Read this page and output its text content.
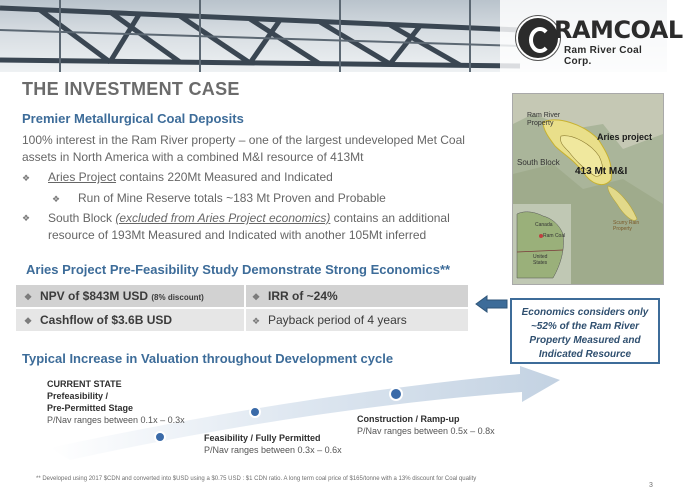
RAMCOAL
Ram River Coal Corp.
THE INVESTMENT CASE
Premier Metallurgical Coal Deposits
100% interest in the Ram River property – one of the largest undeveloped Met Coal assets in North America with a combined M&I resource of 413Mt
❖ Aries Project contains 220Mt Measured and Indicated
❖ Run of Mine Reserve totals ~183 Mt Proven and Probable
❖	South Block (excluded from Aries Project economics) contains an additional resource of 193Mt Measured and Indicated with another 105Mt inferred
Aries Project Pre-Feasibility Study Demonstrate Strong Economics**
❖ NPV of $843M USD (8% discount)	❖ IRR of ~24%
❖ Cashflow of $3.6B USD	❖ Payback period of 4 years
Economics considers only ~52% of the Ram River Property Measured and Indicated Resource
Ram River Property
Aries project
South Block
413 Mt M&I
Scurry Rain Property
Canada
Ram Coal
United States
Typical Increase in Valuation throughout Development cycle
CURRENT STATE
Prefeasibility /
Pre-Permitted Stage
P/Nav ranges between 0.1x – 0.3x
Feasibility / Fully Permitted
P/Nav ranges between 0.3x – 0.6x
Construction / Ramp-up
P/Nav ranges between 0.5x – 0.8x
** Developed using 2017 $CDN and converted into $USD using a $0.75 USD : $1 CDN ratio. A long term coal price of $165/tonne with a 13% discount for Coal quality
3
